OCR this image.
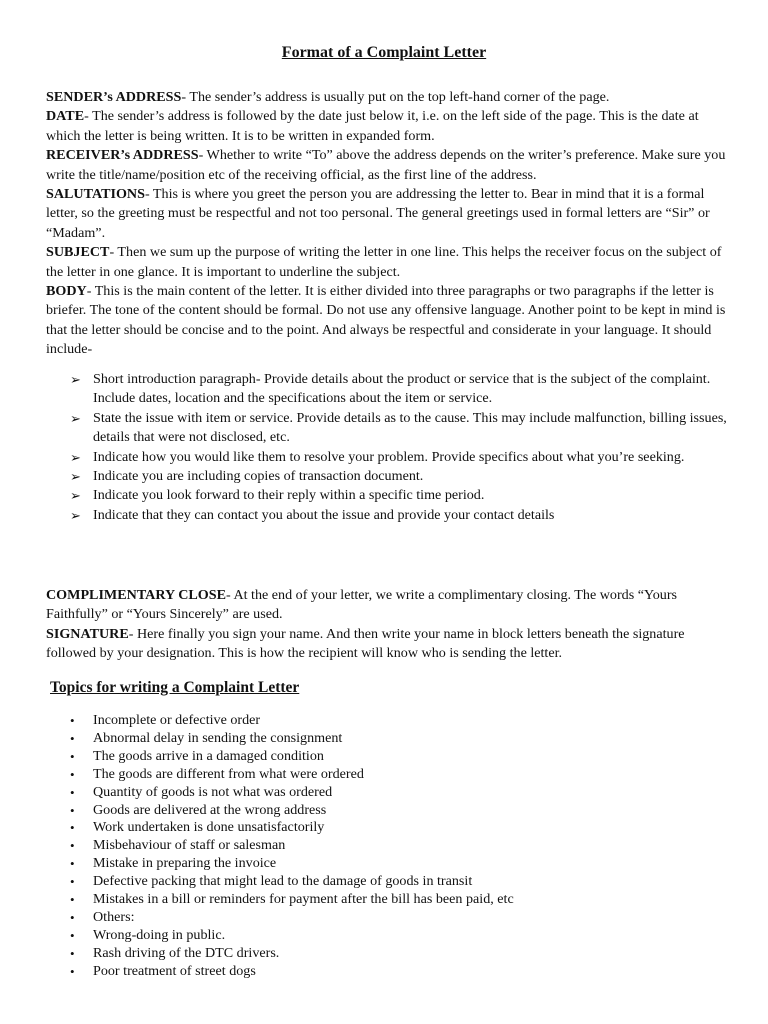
Format of a Complaint Letter
SENDER’s ADDRESS- The sender’s address is usually put on the top left-hand corner of the page.
DATE- The sender’s address is followed by the date just below it, i.e. on the left side of the page. This is the date at which the letter is being written. It is to be written in expanded form.
RECEIVER’s ADDRESS- Whether to write “To” above the address depends on the writer’s preference. Make sure you write the title/name/position etc of the receiving official, as the first line of the address.
SALUTATIONS- This is where you greet the person you are addressing the letter to. Bear in mind that it is a formal letter, so the greeting must be respectful and not too personal. The general greetings used in formal letters are “Sir” or “Madam”.
SUBJECT- Then we sum up the purpose of writing the letter in one line. This helps the receiver focus on the subject of the letter in one glance. It is important to underline the subject.
BODY- This is the main content of the letter. It is either divided into three paragraphs or two paragraphs if the letter is briefer. The tone of the content should be formal. Do not use any offensive language. Another point to be kept in mind is that the letter should be concise and to the point. And always be respectful and considerate in your language. It should include-
➢ Short introduction paragraph- Provide details about the product or service that is the subject of the complaint. Include dates, location and the specifications about the item or service.
➢ State the issue with item or service. Provide details as to the cause. This may include malfunction, billing issues, details that were not disclosed, etc.
➢ Indicate how you would like them to resolve your problem. Provide specifics about what you’re seeking.
➢ Indicate you are including copies of transaction document.
➢ Indicate you look forward to their reply within a specific time period.
➢ Indicate that they can contact you about the issue and provide your contact details
COMPLIMENTARY CLOSE- At the end of your letter, we write a complimentary closing. The words “Yours Faithfully” or “Yours Sincerely” are used.
SIGNATURE- Here finally you sign your name. And then write your name in block letters beneath the signature followed by your designation. This is how the recipient will know who is sending the letter.
Topics for writing a Complaint Letter
• Incomplete or defective order
• Abnormal delay in sending the consignment
• The goods arrive in a damaged condition
• The goods are different from what were ordered
• Quantity of goods is not what was ordered
• Goods are delivered at the wrong address
• Work undertaken is done unsatisfactorily
• Misbehaviour of staff or salesman
• Mistake in preparing the invoice
• Defective packing that might lead to the damage of goods in transit
• Mistakes in a bill or reminders for payment after the bill has been paid, etc
• Others:
• Wrong-doing in public.
• Rash driving of the DTC drivers.
• Poor treatment of street dogs
